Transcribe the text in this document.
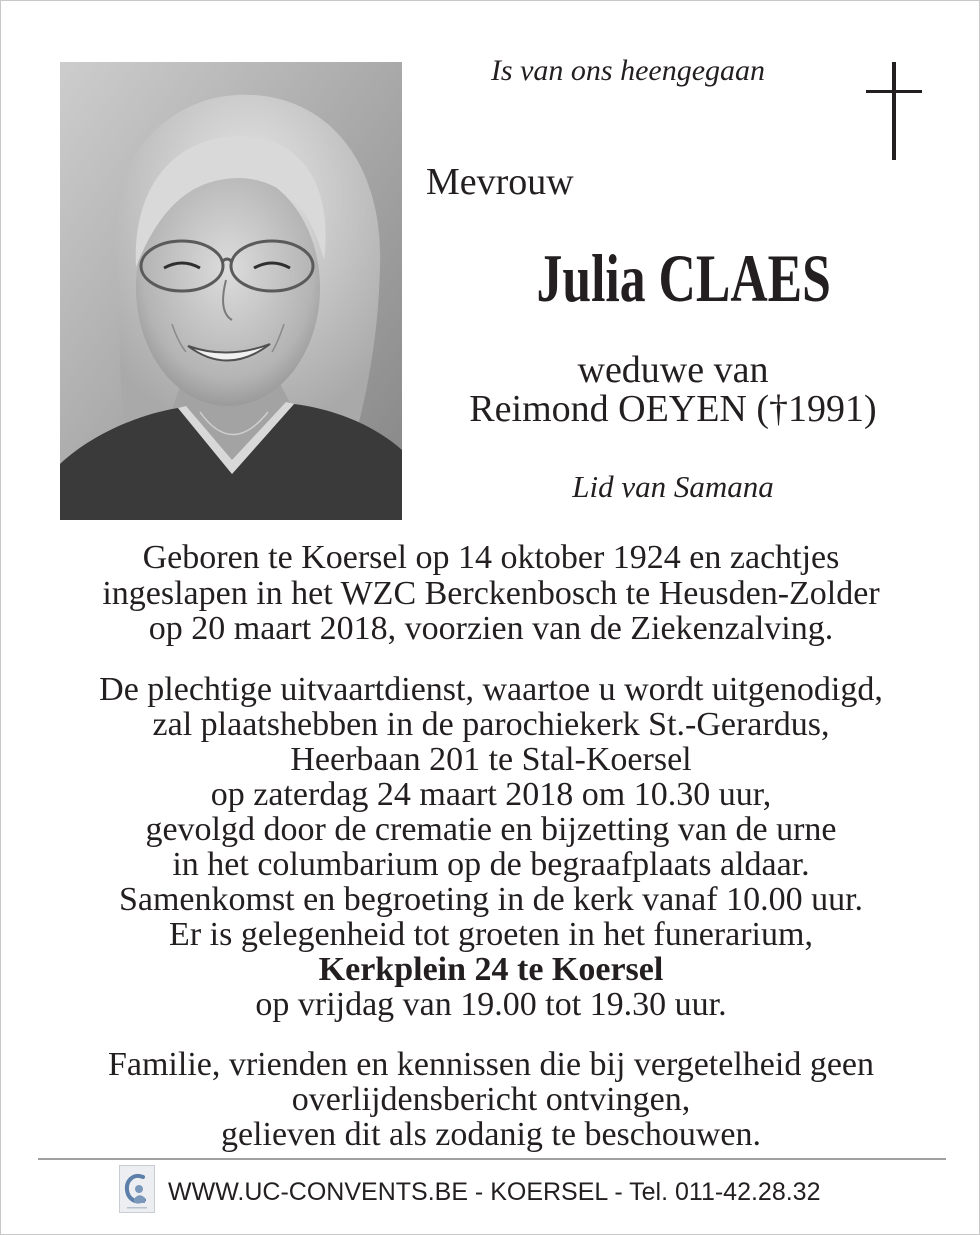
Is van ons heengegaan
Mevrouw
Julia CLAES
weduwe van
Reimond OEYEN (†1991)
Lid van Samana
Geboren te Koersel op 14 oktober 1924 en zachtjes
ingeslapen in het WZC Berckenbosch te Heusden-Zolder
op 20 maart 2018, voorzien van de Ziekenzalving.
De plechtige uitvaartdienst, waartoe u wordt uitgenodigd,
zal plaatshebben in de parochiekerk St.-Gerardus,
Heerbaan 201 te Stal-Koersel
op zaterdag 24 maart 2018 om 10.30 uur,
gevolgd door de crematie en bijzetting van de urne
in het columbarium op de begraafplaats aldaar.
Samenkomst en begroeting in de kerk vanaf 10.00 uur.
Er is gelegenheid tot groeten in het funerarium,
Kerkplein 24 te Koersel
op vrijdag van 19.00 tot 19.30 uur.
Familie, vrienden en kennissen die bij vergetelheid geen
overlijdensbericht ontvingen,
gelieven dit als zodanig te beschouwen.
WWW.UC-CONVENTS.BE - KOERSEL - Tel. 011-42.28.32
